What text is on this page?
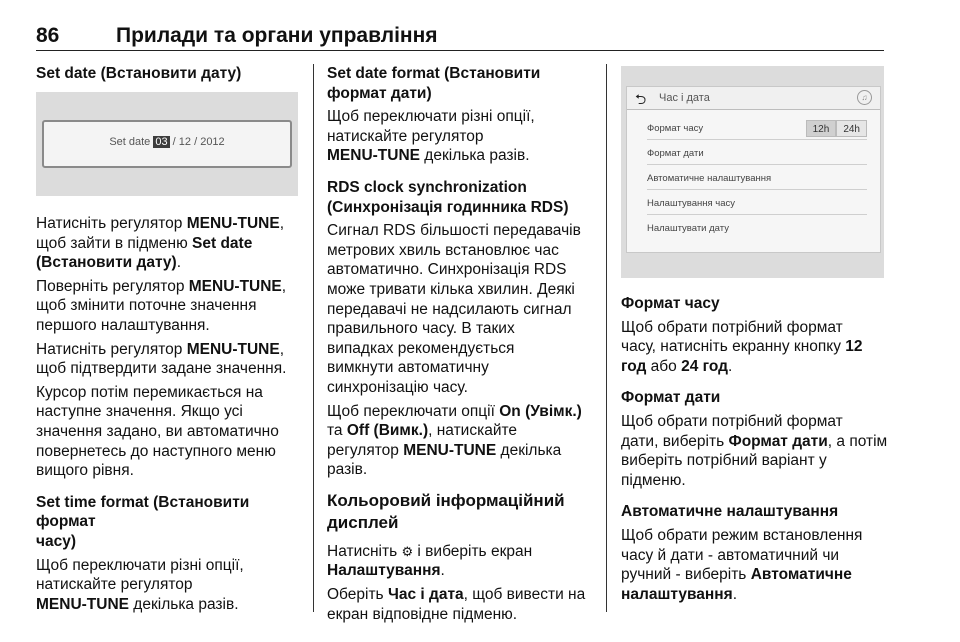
86	Прилади та органи управління

Set date (Встановити дату)

Set date 03 / 12 / 2012

Натисніть регулятор MENU-TUNE,
щоб зайти в підменю Set date
(Встановити дату).

Поверніть регулятор MENU-TUNE,
щоб змінити поточне значення
першого налаштування.

Натисніть регулятор MENU-TUNE,
щоб підтвердити задане значення.

Курсор потім перемикається на
наступне значення. Якщо усі
значення задано, ви автоматично
повернетесь до наступного меню
вищого рівня.

Set time format (Встановити формат
часу)

Щоб переключати різні опції,
натискайте регулятор
MENU-TUNE декілька разів.

Set date format (Встановити
формат дати)

Щоб переключати різні опції,
натискайте регулятор
MENU-TUNE декілька разів.

RDS clock synchronization
(Синхронізація годинника RDS)

Сигнал RDS більшості передавачів
метрових хвиль встановлює час
автоматично. Синхронізація RDS
може тривати кілька хвилин. Деякі
передавачі не надсилають сигнал
правильного часу. В таких
випадках рекомендується
вимкнути автоматичну
синхронізацію часу.

Щоб переключати опції On (Увімк.)
та Off (Вимк.), натискайте
регулятор MENU-TUNE декілька
разів.

Кольоровий інформаційний
дисплей

Натисніть ⚙ і виберіть екран
Налаштування.

Оберіть Час і дата, щоб вивести на
екран відповідне підменю.

⮌ Час і дата	♫
Формат часу	12h	24h
Формат дати
Автоматичне налаштування
Налаштування часу
Налаштувати дату

Формат часу

Щоб обрати потрібний формат
часу, натисніть екранну кнопку 12
год або 24 год.

Формат дати

Щоб обрати потрібний формат
дати, виберіть Формат дати, а потім
виберіть потрібний варіант у
підменю.

Автоматичне налаштування

Щоб обрати режим встановлення
часу й дати - автоматичний чи
ручний - виберіть Автоматичне
налаштування.
